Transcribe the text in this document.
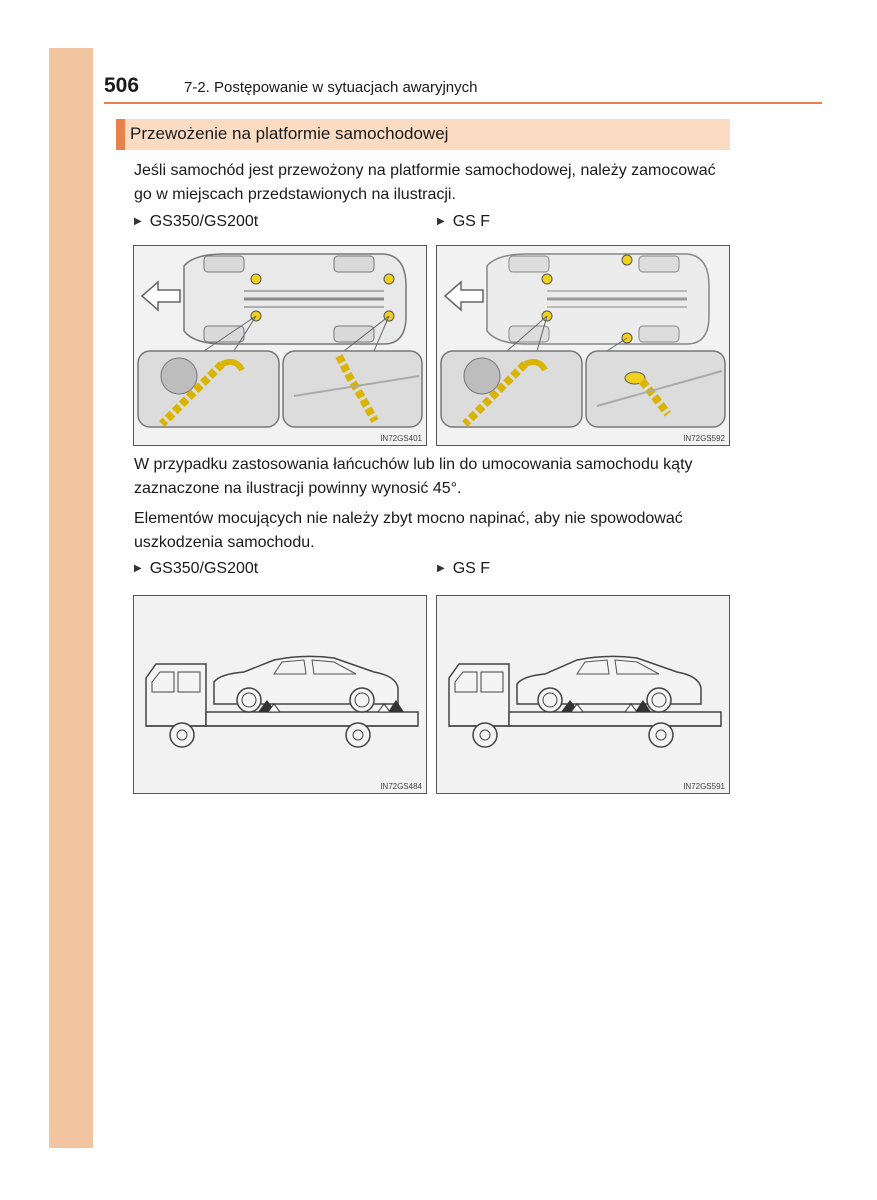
506	7-2. Postępowanie w sytuacjach awaryjnych
Przewożenie na platformie samochodowej
Jeśli samochód jest przewożony na platformie samochodowej, należy zamocować go w miejscach przedstawionych na ilustracji.
▶ GS350/GS200t	▶ GS F
IN72GS401	IN72GS592
W przypadku zastosowania łańcuchów lub lin do umocowania samochodu kąty zaznaczone na ilustracji powinny wynosić 45°.
Elementów mocujących nie należy zbyt mocno napinać, aby nie spowodować uszkodzenia samochodu.
▶ GS350/GS200t	▶ GS F
IN72GS484	IN72GS591
